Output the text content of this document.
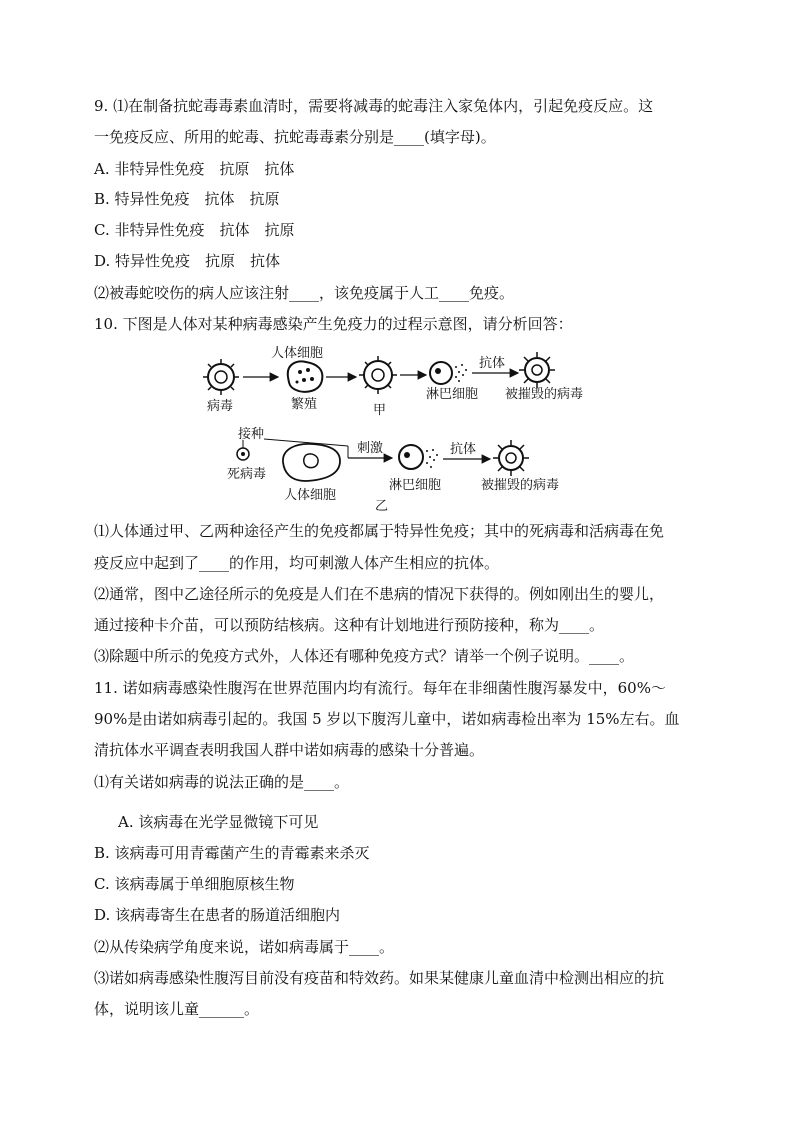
9. ⑴在制备抗蛇毒毒素血清时，需要将减毒的蛇毒注入家兔体内，引起免疫反应。这
一免疫反应、所用的蛇毒、抗蛇毒毒素分别是____(填字母)。
A. 非特异性免疫　抗原　抗体
B. 特异性免疫　抗体　抗原
C. 非特异性免疫　抗体　抗原
D. 特异性免疫　抗原　抗体
⑵被毒蛇咬伤的病人应该注射____，该免疫属于人工____免疫。
10. 下图是人体对某种病毒感染产生免疫力的过程示意图，请分析回答：
病毒
人体细胞
繁殖	甲
淋巴细胞
抗体
被摧毁的病毒
接种
死病毒
人体细胞
刺激
淋巴细胞
乙
抗体
被摧毁的病毒
⑴人体通过甲、乙两种途径产生的免疫都属于特异性免疫；其中的死病毒和活病毒在免
疫反应中起到了____的作用，均可刺激人体产生相应的抗体。
⑵通常，图中乙途径所示的免疫是人们在不患病的情况下获得的。例如刚出生的婴儿，
通过接种卡介苗，可以预防结核病。这种有计划地进行预防接种，称为____。
⑶除题中所示的免疫方式外，人体还有哪种免疫方式？请举一个例子说明。____。
11. 诺如病毒感染性腹泻在世界范围内均有流行。每年在非细菌性腹泻暴发中，60%～
90%是由诺如病毒引起的。我国 5 岁以下腹泻儿童中，诺如病毒检出率为 15%左右。血
清抗体水平调查表明我国人群中诺如病毒的感染十分普遍。
⑴有关诺如病毒的说法正确的是____。
A. 该病毒在光学显微镜下可见
B. 该病毒可用青霉菌产生的青霉素来杀灭
C. 该病毒属于单细胞原核生物
D. 该病毒寄生在患者的肠道活细胞内
⑵从传染病学角度来说，诺如病毒属于____。
⑶诺如病毒感染性腹泻目前没有疫苗和特效药。如果某健康儿童血清中检测出相应的抗
体，说明该儿童______。
